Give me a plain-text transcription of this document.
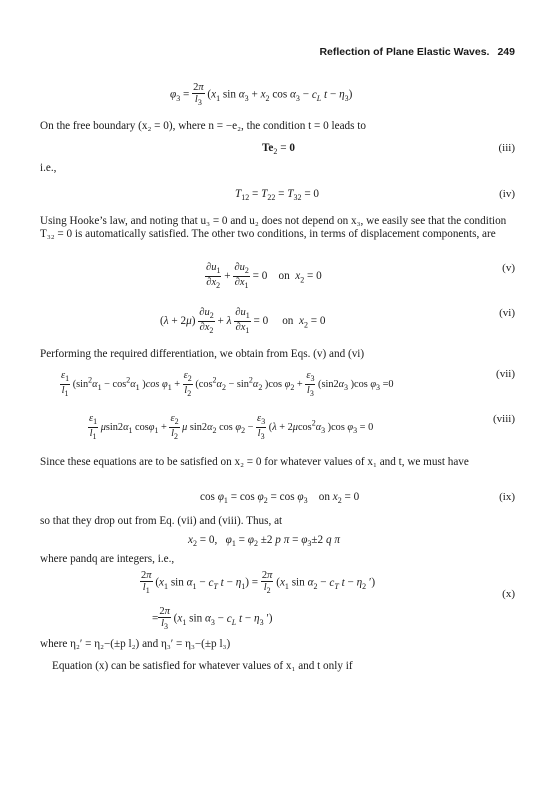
Reflection of Plane Elastic Waves. 249
$\varphi_3 = \frac{2\pi}{l_3} (x_1$ $\sin \alpha_3 + x_2$ $\cos \alpha_3 - c_L$ $t - \eta_3$)
On the free boundary (x₂ = 0), where n = −e₂, the condition t = 0 leads to
$Te_2 = 0$	(iii)
i.e.,
$T_{12} = T_{22} = T_{32} = 0$	(iv)
Using Hooke’s law, and noting that u₃ = 0 and u₂ does not depend on x₃, we easily see that the condition T₃₂ = 0 is automatically satisfied. The other two conditions, in terms of displacement components, are
$\frac{\partial u_1}{\partial x_2} + \frac{\partial u_2}{\partial x_1} = 0$    on  $x_2 = 0$
(v)
$(\lambda + 2\mu) \frac{\partial u_2}{\partial x_2} + \lambda \frac{\partial u_1}{\partial x_1} = 0$     on  $x_2 = 0$
(vi)
Performing the required differentiation, we obtain from Eqs. (v) and (vi)
$\frac{\varepsilon_1}{l_1} (\sin^2\alpha_1 - \cos^2\alpha_1$ )cos $\varphi_1 + \frac{\varepsilon_2}{l_2} (\cos^2\alpha_2 - \sin^2\alpha_2$ )cos $\varphi_2 + \frac{\varepsilon_3}{l_3} (\sin 2\alpha_3$ )cos $\varphi_3 =0$
(vii)
$\frac{\varepsilon_1}{l_1} \mu\sin 2\alpha_1$ $\cos\varphi_1 + \frac{\varepsilon_2}{l_2}$ μ $\sin 2\alpha_2$ $\cos \varphi_2 - \frac{\varepsilon_3}{l_3} (\lambda + 2\mu\cos^2\alpha_3$ )cos $\varphi_3 = 0$
(viii)
Since these equations are to be satisfied on x₂ = 0 for whatever values of x₁ and t, we must have
$\cos \varphi_1 = \cos \varphi_2 = \cos \varphi_3$    on $x_2 = 0$	(ix)
so that they drop out from Eq. (vii) and (viii). Thus, at
$x_2 = 0$,   $\varphi_1 = \varphi_2 \pm 2$ p $\pi = \varphi_3\pm 2$ q π
where pandq are integers, i.e.,
$\frac{2\pi}{l_1} (x_1$ $\sin \alpha_1 - c_T$ $t - \eta_1) = \frac{2\pi}{l_2} (x_1$ $\sin \alpha_2 - c_T$ $t - \eta_2$ ′)
= $\frac{2\pi}{l_3} (x_1$ $\sin \alpha_3 - c_L$ $t - \eta_3$ ′)
(x)
where η₂′ = η₂−(±p l₂) and η₃′ = η₃−(±p l₃)
Equation (x) can be satisfied for whatever values of x₁ and t only if
